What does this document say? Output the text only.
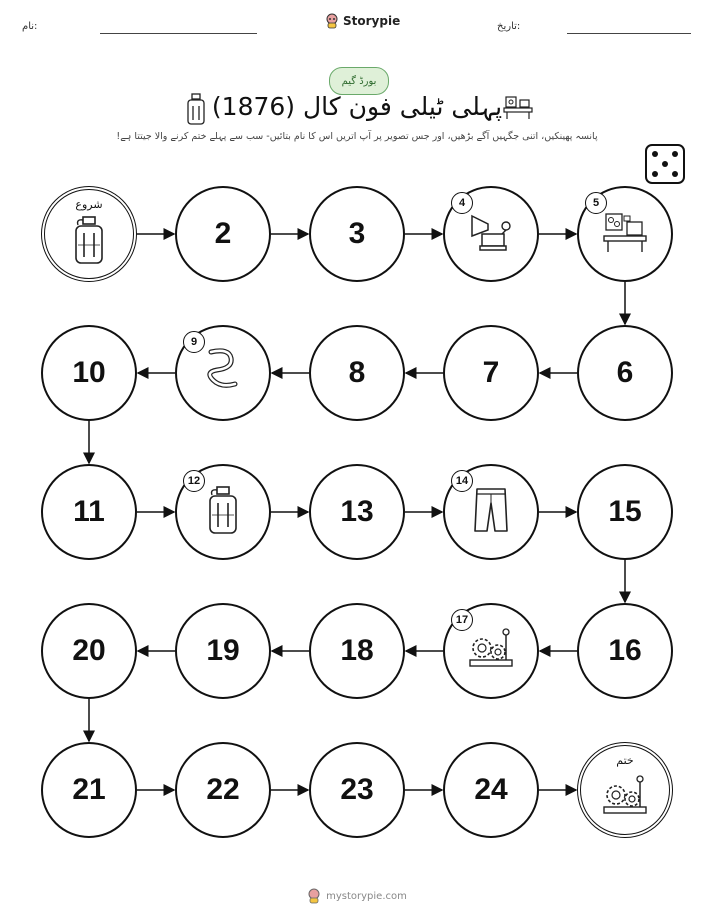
نام:	Storypie	تاریخ:
بورڈ گیم
پہلی ٹیلی فون کال (1876)
پانسہ پھینکیں، اتنی جگہیں آگے بڑھیں، اور جس تصویر پر آپ اتریں اس کا نام بتائیں- سب سے پہلے ختم کرنے والا جیتتا ہے!
شروع
2	3
4	5
6
7
8
9
10
11
12
13
14
15
16
17
18
19
20
21	22	23	24
ختم
mystorypie.com
